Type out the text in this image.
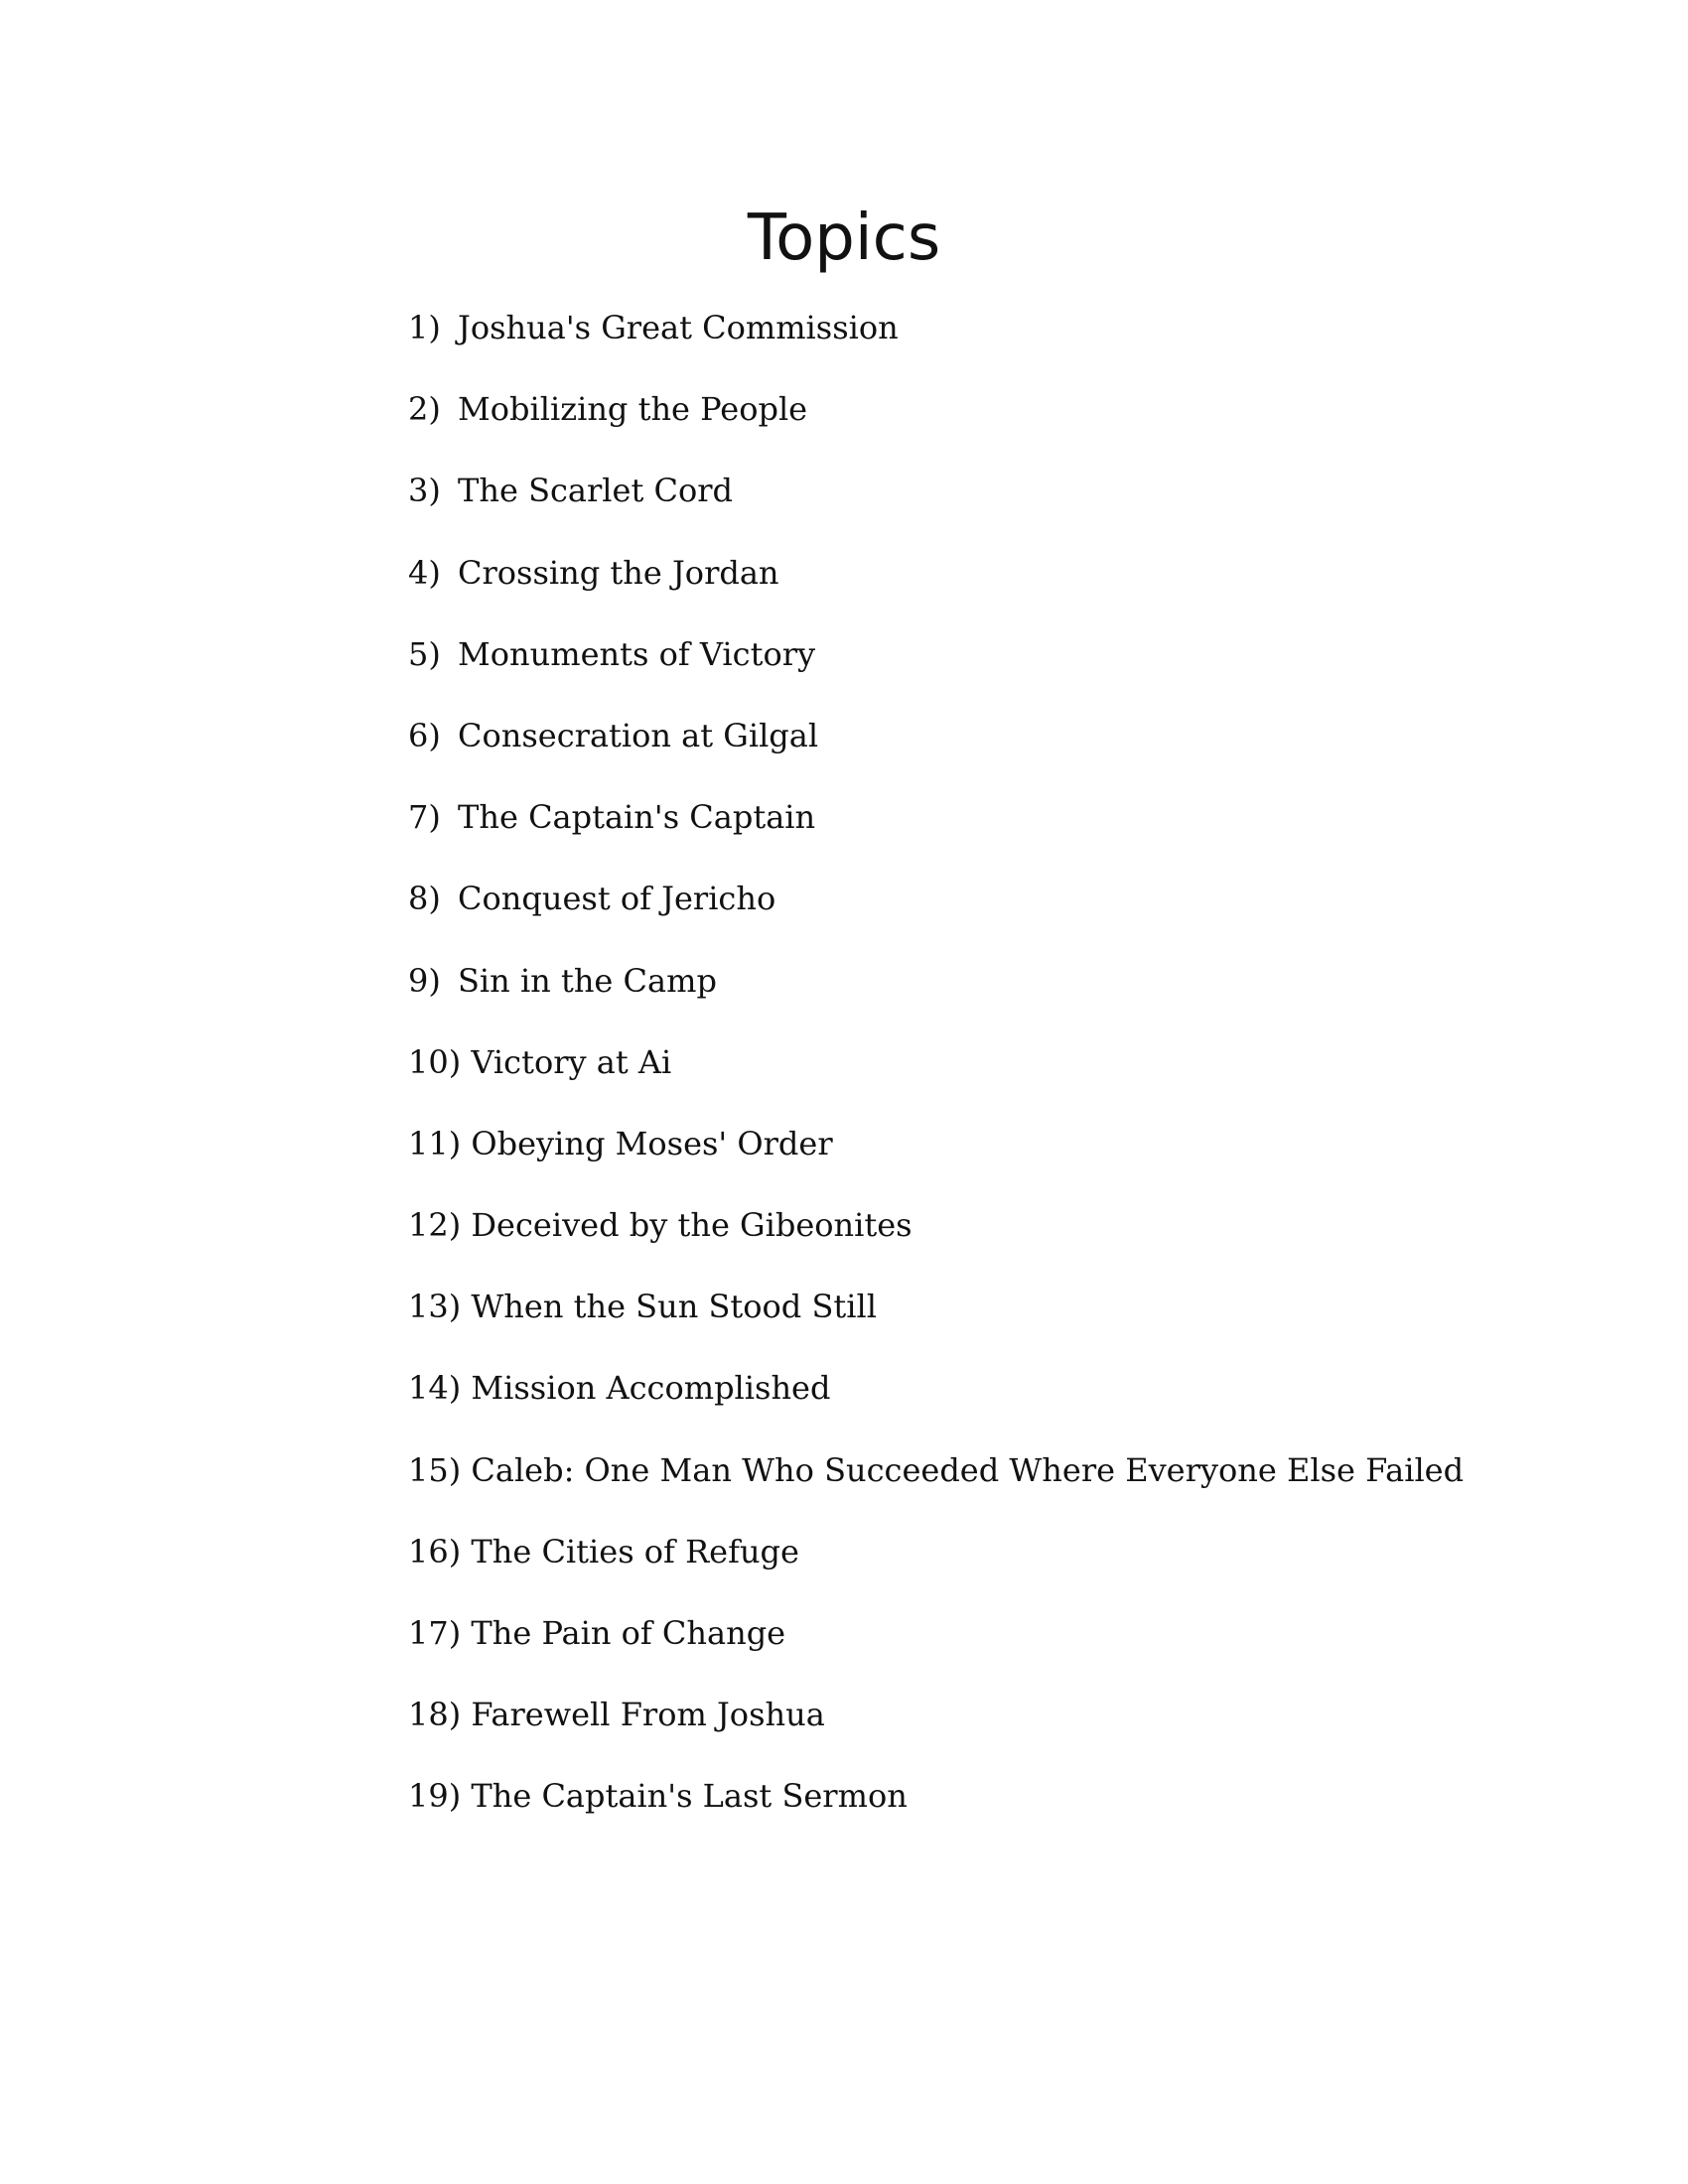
Topics
1) Joshua's Great Commission
2) Mobilizing the People
3) The Scarlet Cord
4) Crossing the Jordan
5) Monuments of Victory
6) Consecration at Gilgal
7) The Captain's Captain
8) Conquest of Jericho
9) Sin in the Camp
10) Victory at Ai
11) Obeying Moses' Order
12) Deceived by the Gibeonites
13) When the Sun Stood Still
14) Mission Accomplished
15) Caleb: One Man Who Succeeded Where Everyone Else Failed
16) The Cities of Refuge
17) The Pain of Change
18) Farewell From Joshua
19) The Captain's Last Sermon
